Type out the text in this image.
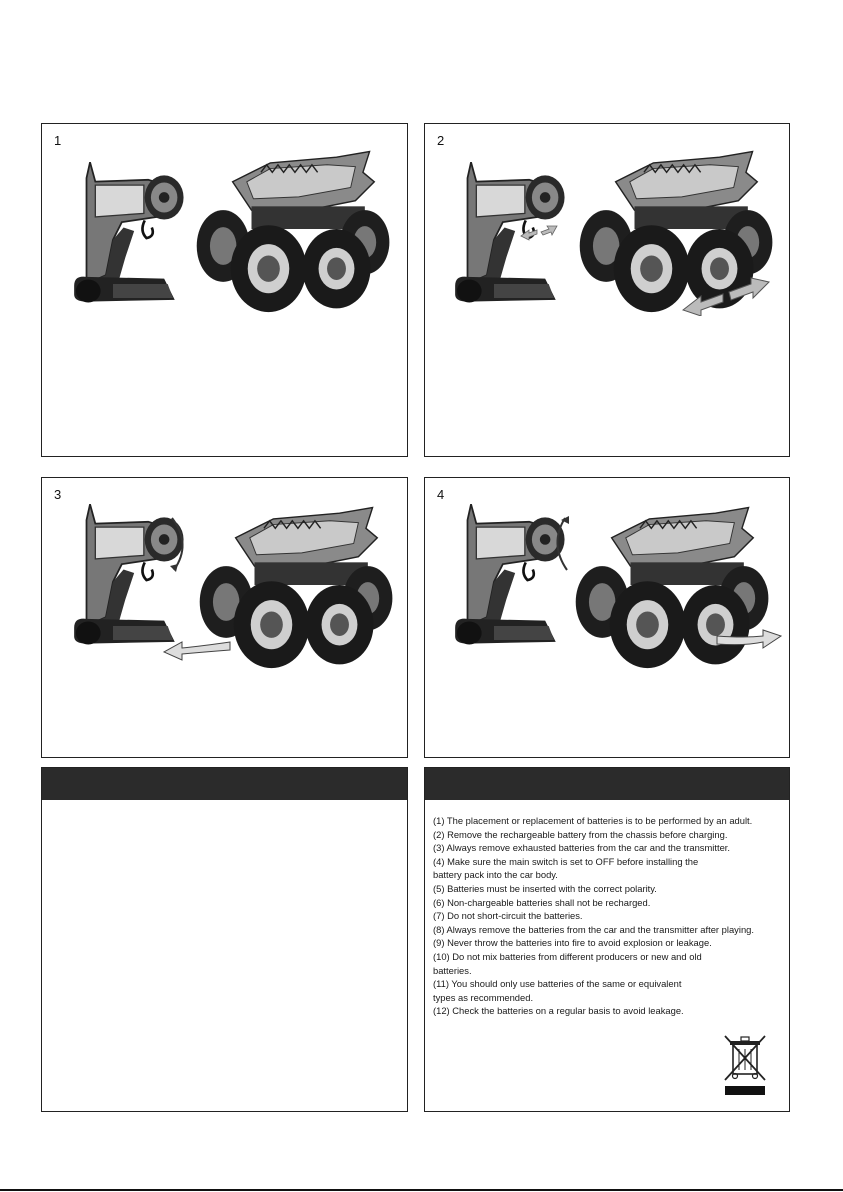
1	2
3	4
(1) The placement or replacement of batteries is to be performed by an adult.
(2) Remove the rechargeable battery from the chassis before charging.
(3) Always remove exhausted batteries from the car and the transmitter.
(4) Make sure the main switch is set to OFF before installing the
battery pack into the car body.
(5) Batteries must be inserted with the correct polarity.
(6) Non-chargeable batteries shall not be recharged.
(7) Do not short-circuit the batteries.
(8) Always remove the batteries from the car and the transmitter after playing.
(9) Never throw the batteries into fire to avoid explosion or leakage.
(10) Do not mix batteries from different producers or new and old
batteries.
(11) You should only use batteries of the same or equivalent
types as recommended.
(12) Check the batteries on a regular basis to avoid leakage.
